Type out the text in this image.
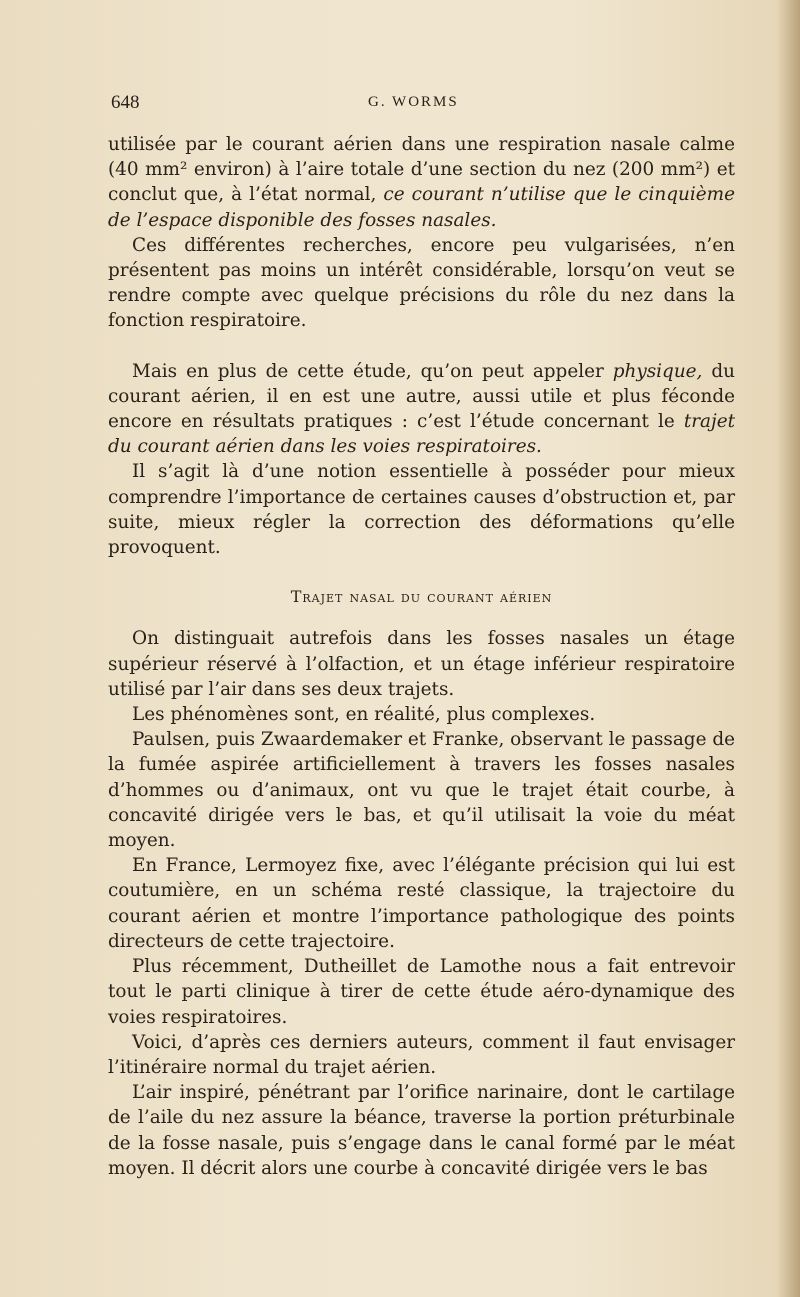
648	G. WORMS

utilisée par le courant aérien dans une respiration nasale calme (40 mm² environ) à l’aire totale d’une section du nez (200 mm²) et conclut que, à l’état normal, ce courant n’utilise que le cinquième de l’espace disponible des fosses nasales.

Ces différentes recherches, encore peu vulgarisées, n’en présentent pas moins un intérêt considérable, lorsqu’on veut se rendre compte avec quelque précisions du rôle du nez dans la fonction respiratoire.

Mais en plus de cette étude, qu’on peut appeler physique, du courant aérien, il en est une autre, aussi utile et plus féconde encore en résultats pratiques : c’est l’étude concernant le trajet du courant aérien dans les voies respiratoires.

Il s’agit là d’une notion essentielle à posséder pour mieux comprendre l’importance de certaines causes d’obstruction et, par suite, mieux régler la correction des déformations qu’elle provoquent.

Trajet nasal du courant aérien

On distinguait autrefois dans les fosses nasales un étage supérieur réservé à l’olfaction, et un étage inférieur respiratoire utilisé par l’air dans ses deux trajets.

Les phénomènes sont, en réalité, plus complexes.

Paulsen, puis Zwaardemaker et Franke, observant le passage de la fumée aspirée artificiellement à travers les fosses nasales d’hommes ou d’animaux, ont vu que le trajet était courbe, à concavité dirigée vers le bas, et qu’il utilisait la voie du méat moyen.

En France, Lermoyez fixe, avec l’élégante précision qui lui est coutumière, en un schéma resté classique, la trajectoire du courant aérien et montre l’importance pathologique des points directeurs de cette trajectoire.

Plus récemment, Dutheillet de Lamothe nous a fait entrevoir tout le parti clinique à tirer de cette étude aéro-dynamique des voies respiratoires.

Voici, d’après ces derniers auteurs, comment il faut envisager l’itinéraire normal du trajet aérien.

L’air inspiré, pénétrant par l’orifice narinaire, dont le cartilage de l’aile du nez assure la béance, traverse la portion préturbinale de la fosse nasale, puis s’engage dans le canal formé par le méat moyen. Il décrit alors une courbe à concavité dirigée vers le bas
